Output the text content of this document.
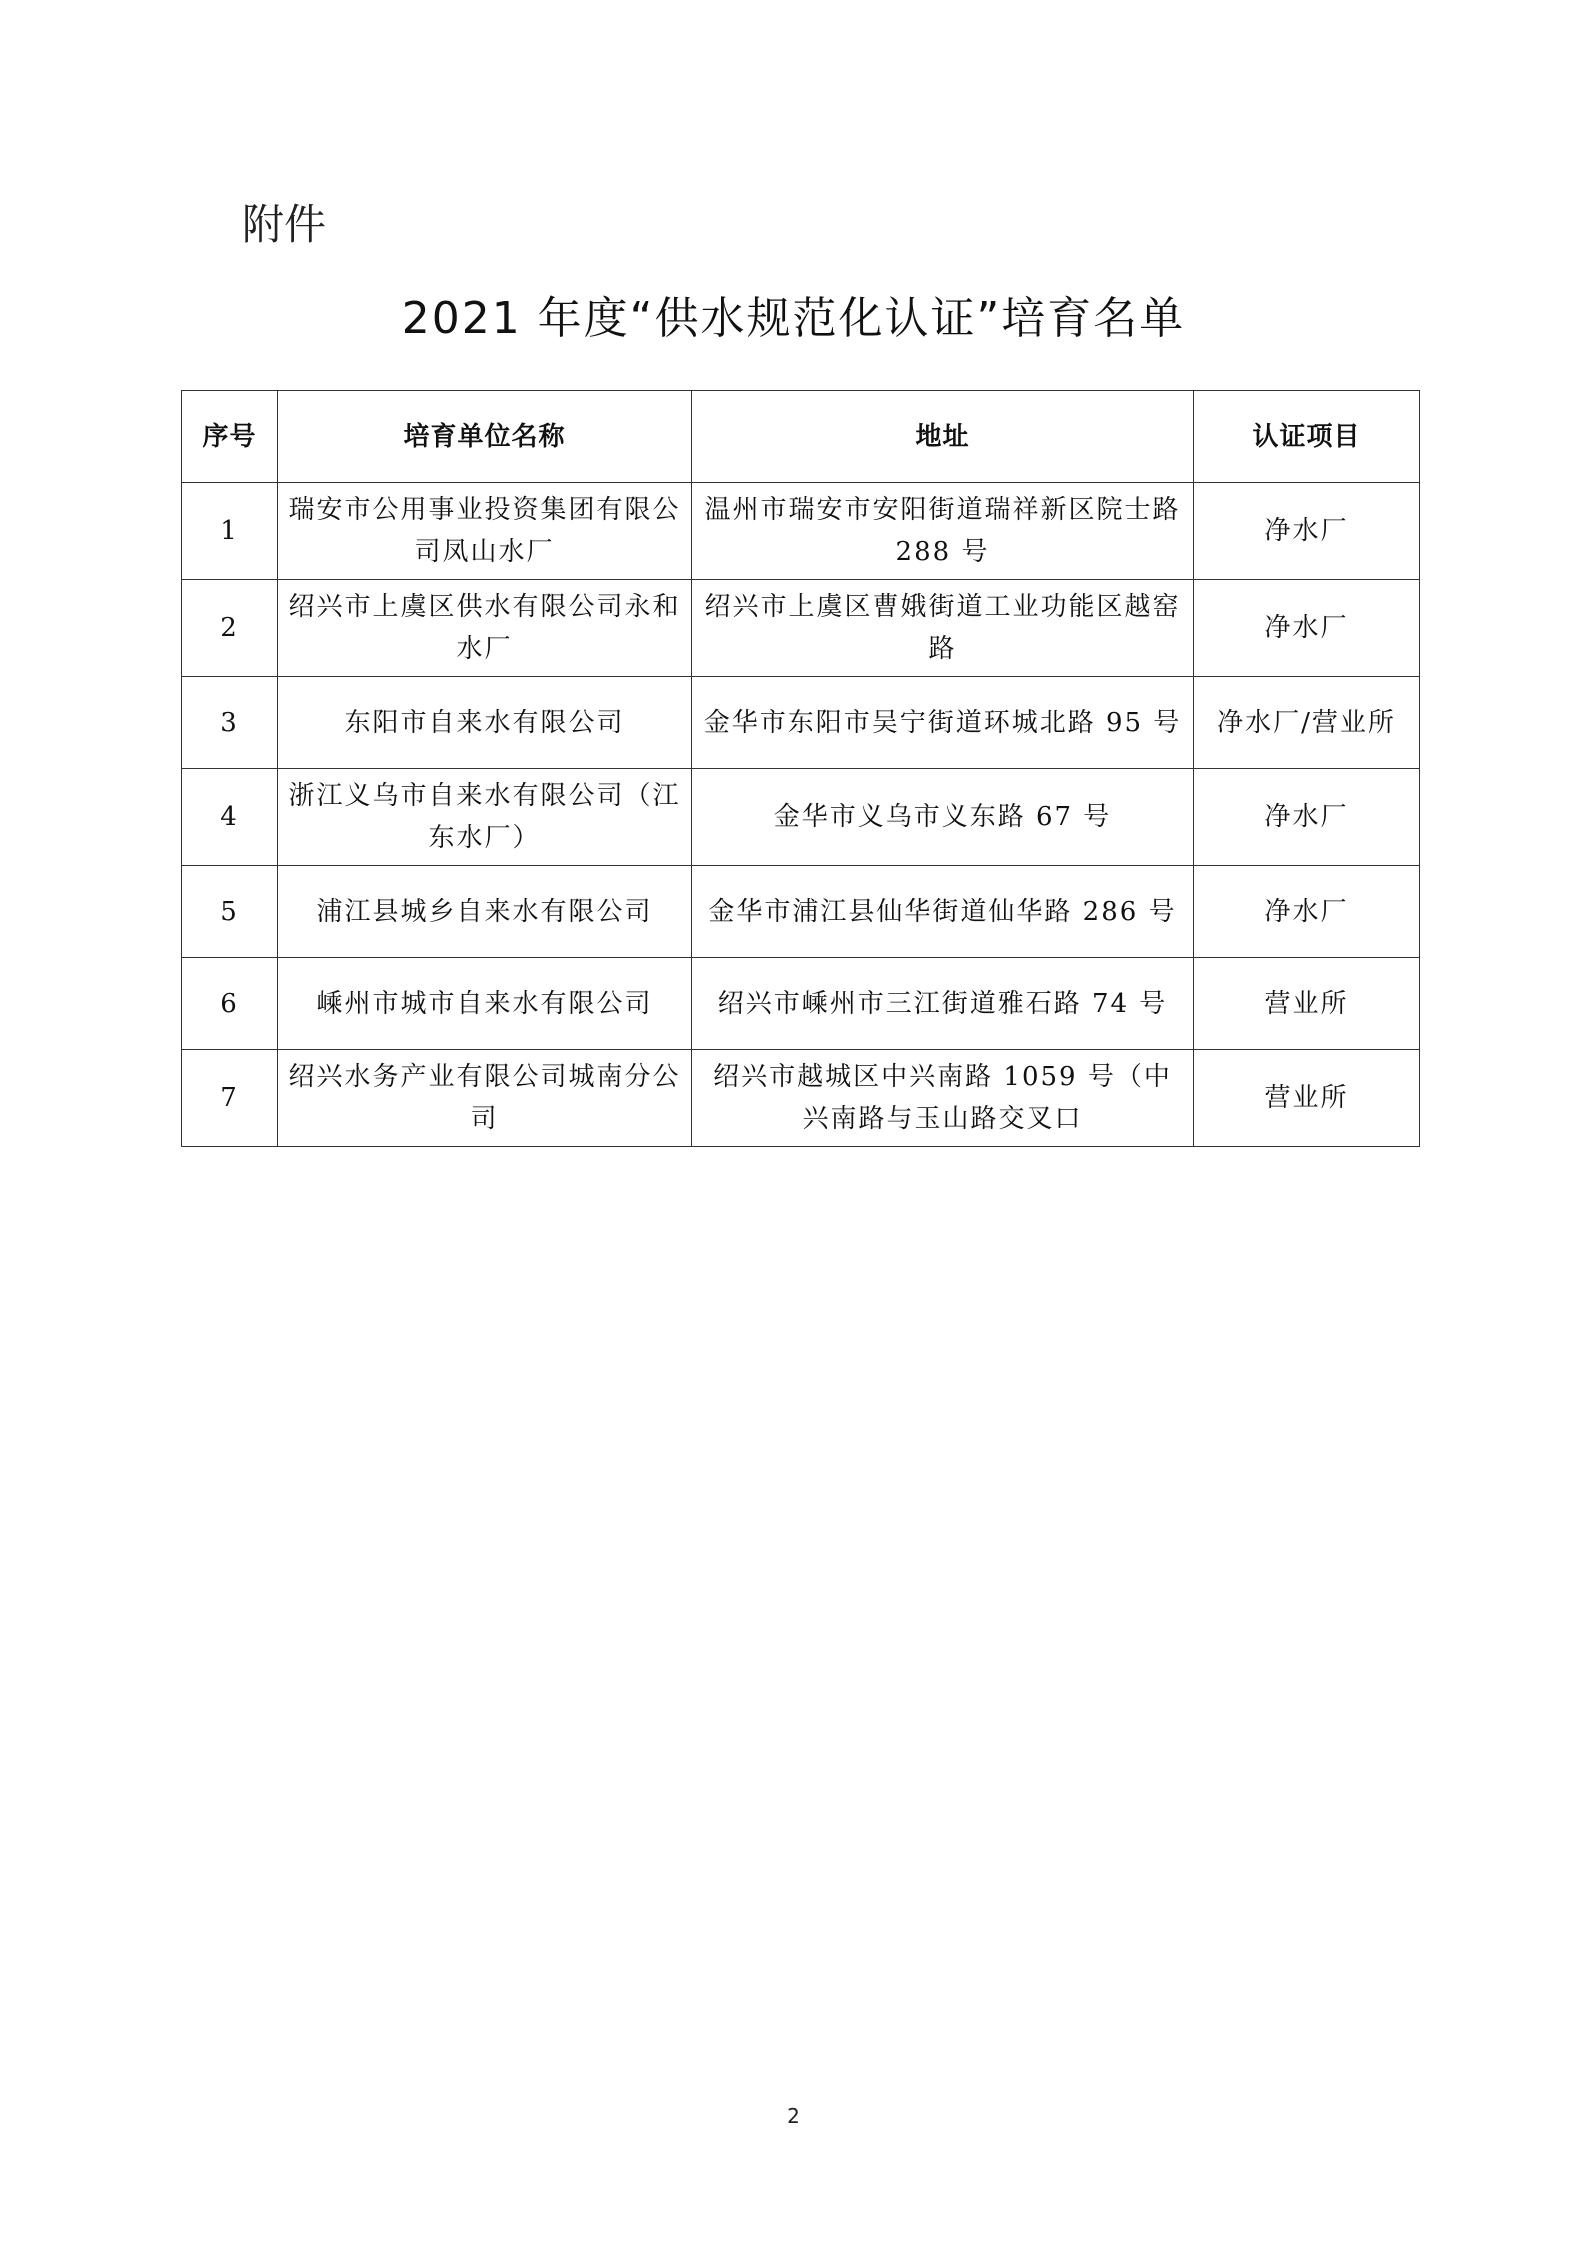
附件
2021 年度“供水规范化认证”培育名单
序号	培育单位名称	地址	认证项目
1	瑞安市公用事业投资集团有限公司凤山水厂	温州市瑞安市安阳街道瑞祥新区院士路 288 号	净水厂
2	绍兴市上虞区供水有限公司永和水厂	绍兴市上虞区曹娥街道工业功能区越窑路	净水厂
3	东阳市自来水有限公司	金华市东阳市吴宁街道环城北路 95 号	净水厂/营业所
4	浙江义乌市自来水有限公司（江东水厂）	金华市义乌市义东路 67 号	净水厂
5	浦江县城乡自来水有限公司	金华市浦江县仙华街道仙华路 286 号	净水厂
6	嵊州市城市自来水有限公司	绍兴市嵊州市三江街道雅石路 74 号	营业所
7	绍兴水务产业有限公司城南分公司	绍兴市越城区中兴南路 1059 号（中兴南路与玉山路交叉口	营业所
2
